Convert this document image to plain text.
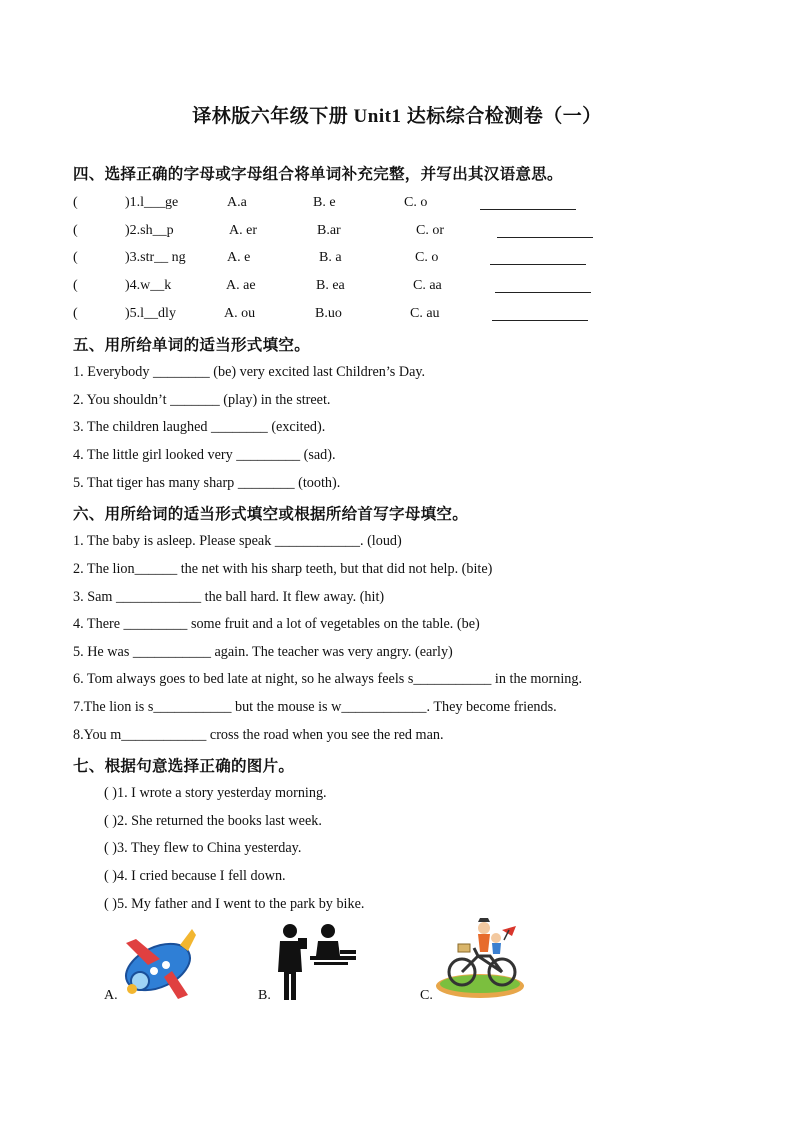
译林版六年级下册 Unit1 达标综合检测卷（一）
四、选择正确的字母或字母组合将单词补充完整，并写出其汉语意思。
(	)1.l___ge	A.a	B. e	C. o
(	)2.sh__p	A. er	B.ar	C. or
(	)3.str__ ng	A. e	B. a	C. o
(	)4.w__k	A. ae	B. ea	C. aa
(	)5.l__dly	A. ou	B.uo	C. au
五、用所给单词的适当形式填空。
1. Everybody ________ (be) very excited last Children’s Day.
2. You shouldn’t _______ (play) in the street.
3. The children laughed ________ (excited).
4. The little girl looked very _________ (sad).
5. That tiger has many sharp ________ (tooth).
六、用所给词的适当形式填空或根据所给首写字母填空。
1. The baby is asleep. Please speak ____________. (loud)
2. The lion______ the net with his sharp teeth, but that did not help. (bite)
3. Sam ____________ the ball hard. It flew away. (hit)
4. There _________ some fruit and a lot of vegetables on the table. (be)
5. He was ___________ again. The teacher was very angry. (early)
6. Tom always goes to bed late at night, so he always feels s___________ in the morning.
7.The lion is s___________ but the mouse is w____________. They become friends.
8.You m____________ cross the road when you see the red man.
七、根据句意选择正确的图片。
( )1. I wrote a story yesterday morning.
( )2. She returned the books last week.
( )3. They flew to China yesterday.
( )4. I cried because I fell down.
( )5. My father and I went to the park by bike.
A.	B.	C.
